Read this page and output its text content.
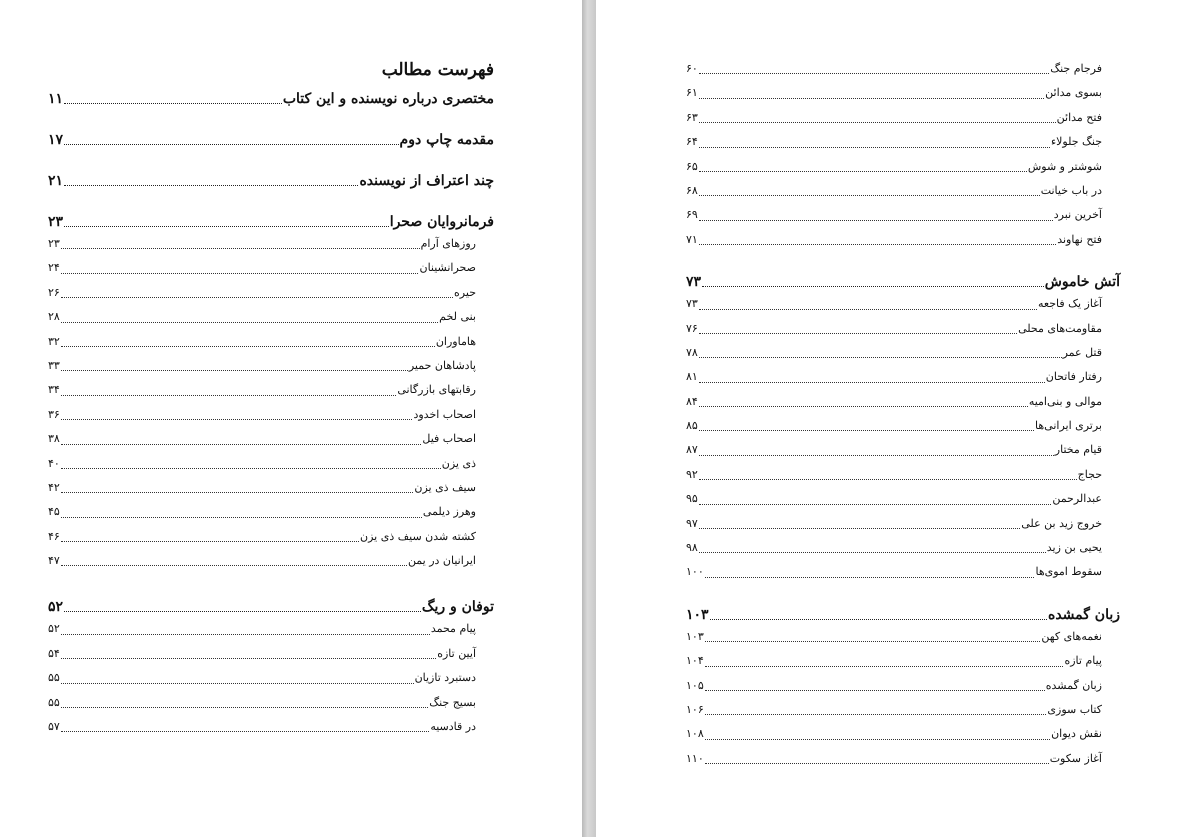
فهرست مطالب
مختصری درباره نویسنده و این کتاب
۱۱
مقدمه چاپ دوم
۱۷
چند اعتراف از نویسنده
۲۱
فرمانروایان صحرا
۲۳
روزهای آرام
۲۳
صحرانشینان
۲۴
حیره
۲۶
بنی لخم
۲۸
هاماوران
۳۲
پادشاهان حمیر
۳۳
رقابتهای بازرگانی
۳۴
اصحاب اخدود
۳۶
اصحاب فیل
۳۸
ذی یزن
۴۰
سیف ذی یزن
۴۲
وهرز دیلمی
۴۵
کشته شدن سیف ذی یزن
۴۶
ایرانیان در یمن
۴۷
توفان و ریگ
۵۲
پیام محمد
۵۲
آیین تازه
۵۴
دستبرد تازیان
۵۵
بسیج جنگ
۵۵
در قادسیه
۵۷
فرجام جنگ
۶۰
بسوی مدائن
۶۱
فتح مدائن
۶۳
جنگ جلولاء
۶۴
شوشتر و شوش
۶۵
در باب خیانت
۶۸
آخرین نبرد
۶۹
فتح نهاوند
۷۱
آتش خاموش
۷۳
آغاز یک فاجعه
۷۳
مقاومت‌های محلی
۷۶
قتل عمر
۷۸
رفتار فاتحان
۸۱
موالی و بنی‌امیه
۸۴
برتری ایرانی‌ها
۸۵
قیام مختار
۸۷
حجاج
۹۲
عبدالرحمن
۹۵
خروج زید بن علی
۹۷
یحیی بن زید
۹۸
سقوط اموی‌ها
۱۰۰
زبان گمشده
۱۰۳
نغمه‌های کهن
۱۰۳
پیام تازه
۱۰۴
زبان گمشده
۱۰۵
کتاب سوزی
۱۰۶
نقش دیوان
۱۰۸
آغاز سکوت
۱۱۰
